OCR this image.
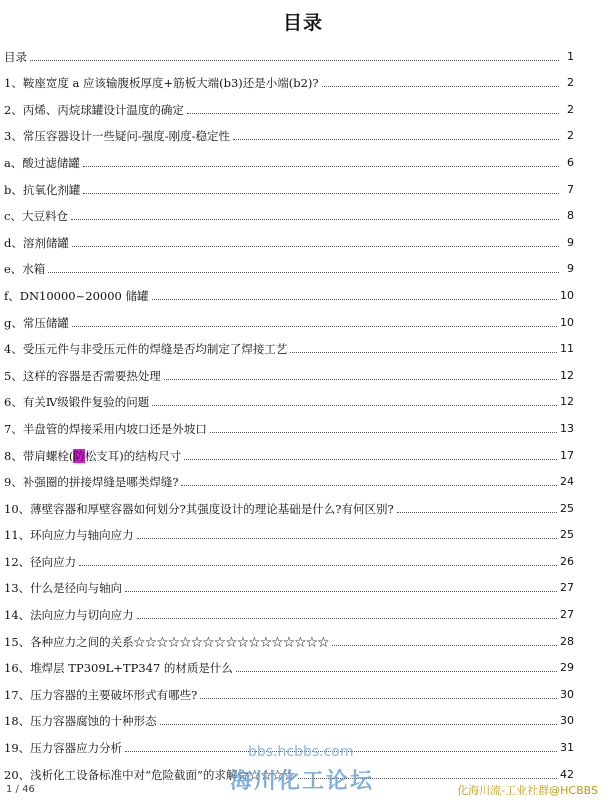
目录
目录	1
1、鞍座宽度 a 应该输腹板厚度+筋板大端(b3)还是小端(b2)?	2
2、丙烯、丙烷球罐设计温度的确定	2
3、常压容器设计一些疑问-强度-刚度-稳定性	2
a、酸过滤储罐	6
b、抗氧化剂罐	7
c、大豆料仓	8
d、溶剂储罐	9
e、水箱	9
f、DN10000~20000 储罐	10
g、常压储罐	10
4、受压元件与非受压元件的焊缝是否均制定了焊接工艺	11
5、这样的容器是否需要热处理	12
6、有关Ⅳ级锻件复验的问题	12
7、半盘管的焊接采用内坡口还是外坡口	13
8、带肩螺栓(防松支耳)的结构尺寸	17
9、补强圈的拼接焊缝是哪类焊缝?	24
10、薄壁容器和厚壁容器如何划分?其强度设计的理论基础是什么?有何区别?	25
11、环向应力与轴向应力	25
12、径向应力	26
13、什么是径向与轴向	27
14、法向应力与切向应力	27
15、各种应力之间的关系☆☆☆☆☆☆☆☆☆☆☆☆☆☆☆☆☆	28
16、堆焊层 TP309L+TP347 的材质是什么	29
17、压力容器的主要破坏形式有哪些?	30
18、压力容器腐蚀的十种形态	30
19、压力容器应力分析	31
20、浅析化工设备标准中对“危险截面”的求解☆☆☆☆☆	42
1 / 46
bbs.hcbbs.com
海川化工论坛	化海川流-工业社群@HCBBS
